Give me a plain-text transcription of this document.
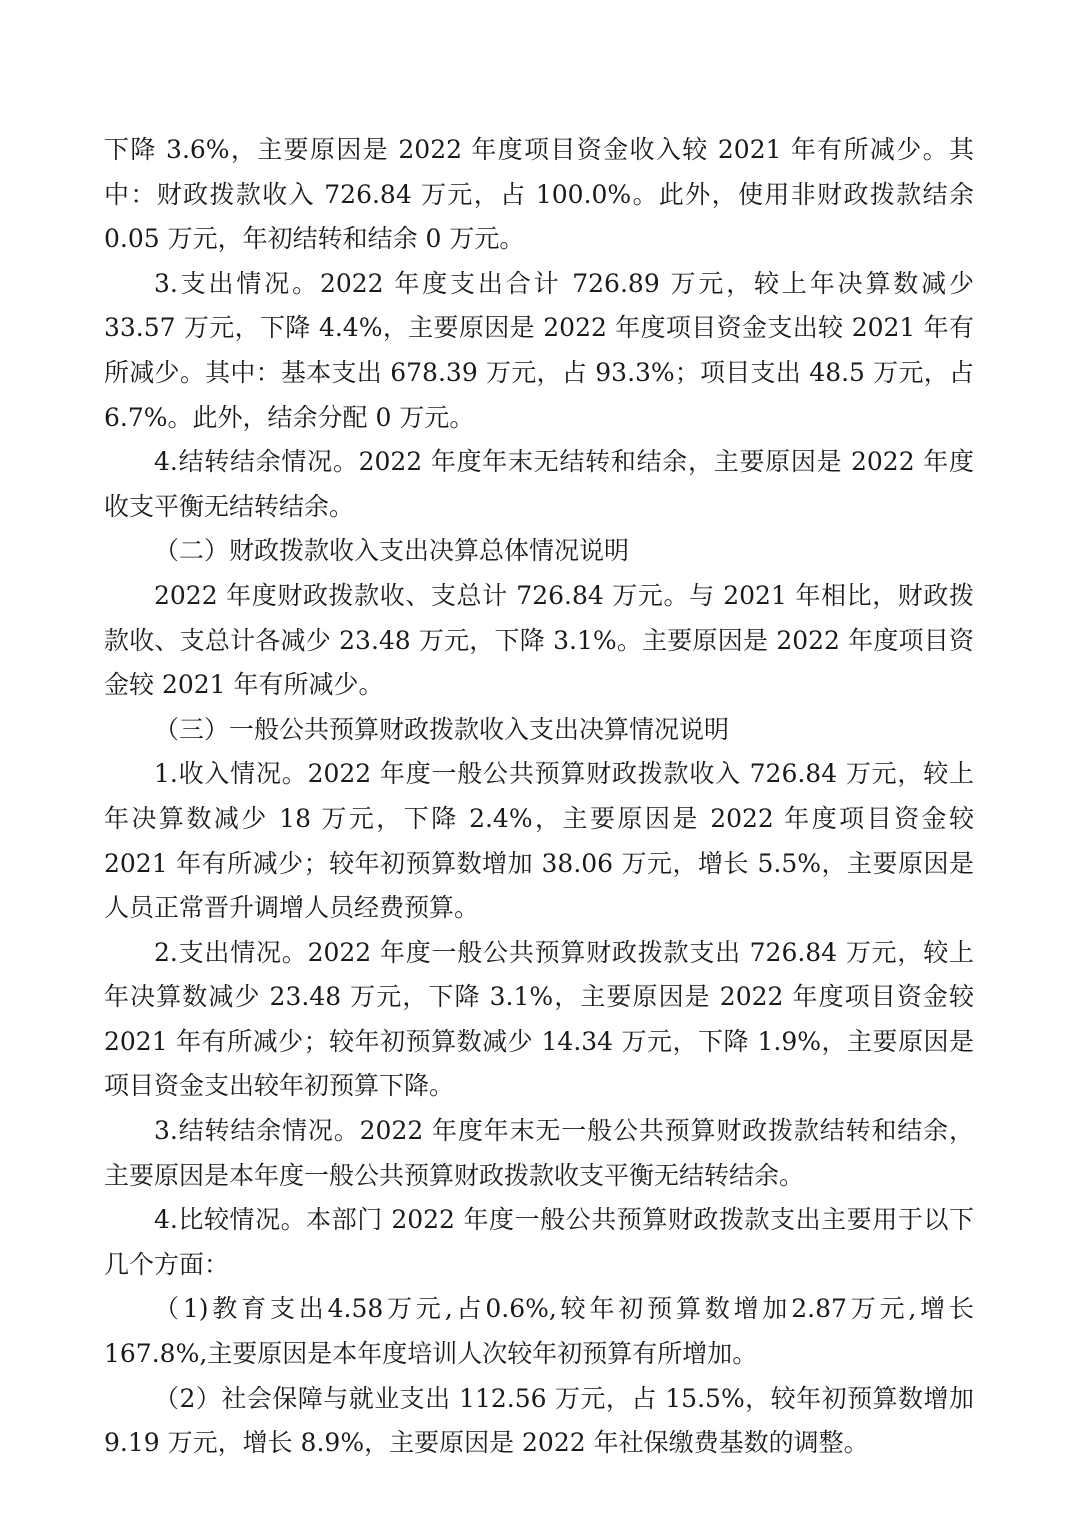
下降 3.6%，主要原因是 2022 年度项目资金收入较 2021 年有所减少。其中：财政拨款收入 726.84 万元，占 100.0%。此外，使用非财政拨款结余 0.05 万元，年初结转和结余 0 万元。

3.支出情况。2022 年度支出合计 726.89 万元，较上年决算数减少 33.57 万元，下降 4.4%，主要原因是 2022 年度项目资金支出较 2021 年有所减少。其中：基本支出 678.39 万元，占 93.3%；项目支出 48.5 万元，占 6.7%。此外，结余分配 0 万元。

4.结转结余情况。2022 年度年末无结转和结余，主要原因是 2022 年度收支平衡无结转结余。

（二）财政拨款收入支出决算总体情况说明

2022 年度财政拨款收、支总计 726.84 万元。与 2021 年相比，财政拨款收、支总计各减少 23.48 万元，下降 3.1%。主要原因是 2022 年度项目资金较 2021 年有所减少。

（三）一般公共预算财政拨款收入支出决算情况说明

1.收入情况。2022 年度一般公共预算财政拨款收入 726.84 万元，较上年决算数减少 18 万元，下降 2.4%，主要原因是 2022 年度项目资金较 2021 年有所减少；较年初预算数增加 38.06 万元，增长 5.5%，主要原因是人员正常晋升调增人员经费预算。

2.支出情况。2022 年度一般公共预算财政拨款支出 726.84 万元，较上年决算数减少 23.48 万元，下降 3.1%，主要原因是 2022 年度项目资金较 2021 年有所减少；较年初预算数减少 14.34 万元，下降 1.9%，主要原因是项目资金支出较年初预算下降。

3.结转结余情况。2022 年度年末无一般公共预算财政拨款结转和结余，主要原因是本年度一般公共预算财政拨款收支平衡无结转结余。

4.比较情况。本部门 2022 年度一般公共预算财政拨款支出主要用于以下几个方面：

（1)教育支出4.58万元,占0.6%,较年初预算数增加2.87万元,增长167.8%,主要原因是本年度培训人次较年初预算有所增加。

（2）社会保障与就业支出 112.56 万元，占 15.5%，较年初预算数增加 9.19 万元，增长 8.9%，主要原因是 2022 年社保缴费基数的调整。
